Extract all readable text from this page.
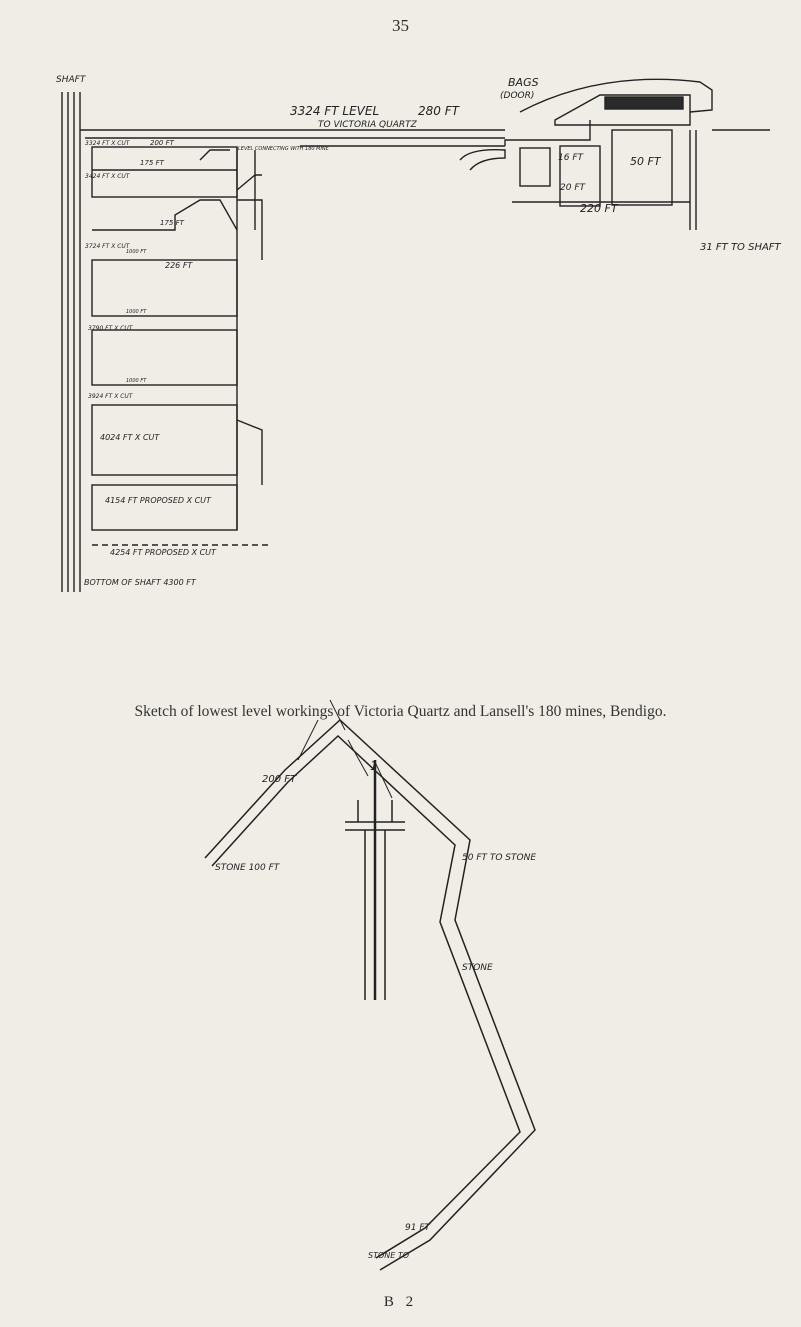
35
SHAFT
3324 FT LEVEL	280 FT
TO VICTORIA QUARTZ
BAGS
(DOOR)
16 FT	50 FT
20 FT
220 FT
31 FT TO SHAFT
3324 FT X CUT	200 FT
3424 FT X CUT
175 FT
LEVEL CONNECTING WITH 180 MINE
175 FT
3724 FT X CUT
226 FT
3790 FT X CUT
3924 FT X CUT
4024 FT X CUT
4154 FT PROPOSED X CUT
4254 FT PROPOSED X CUT
BOTTOM OF SHAFT 4300 FT
1000 FT
1000 FT
1000 FT
Sketch of lowest level workings of Victoria Quartz and Lansell's 180 mines, Bendigo.
200 FT
50 FT TO STONE
1
STONE 100 FT
STONE
91 FT
STONE TO
B 2
